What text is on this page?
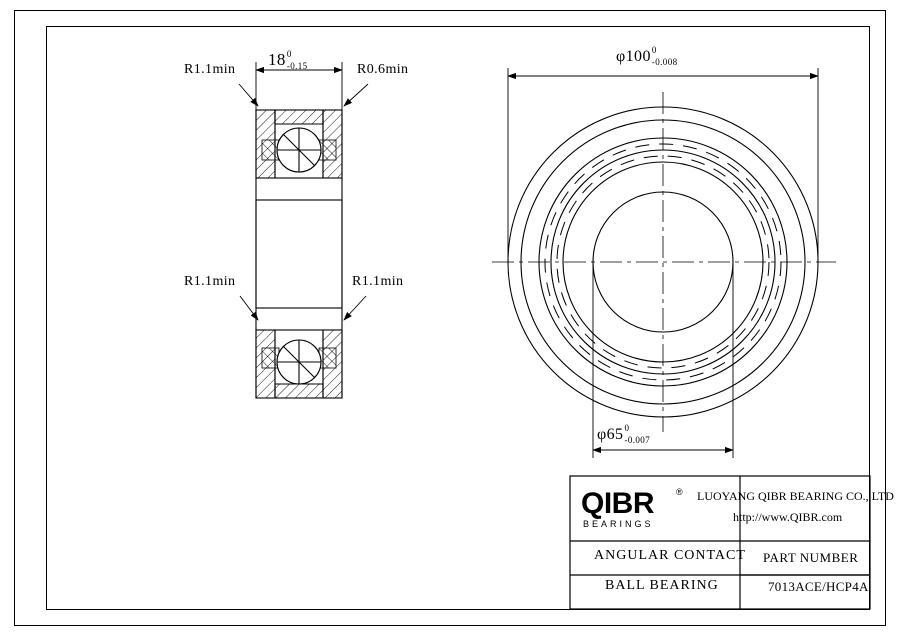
R1.1min
18 0
-0.15	R0.6min
R1.1min	R1.1min
φ100 0
-0.008
φ65 0
-0.007
QIBR ®
BEARINGS
LUOYANG QIBR BEARING CO., LTD
http://www.QIBR.com
ANGULAR CONTACT
BALL BEARING
PART NUMBER
7013ACE/HCP4A
